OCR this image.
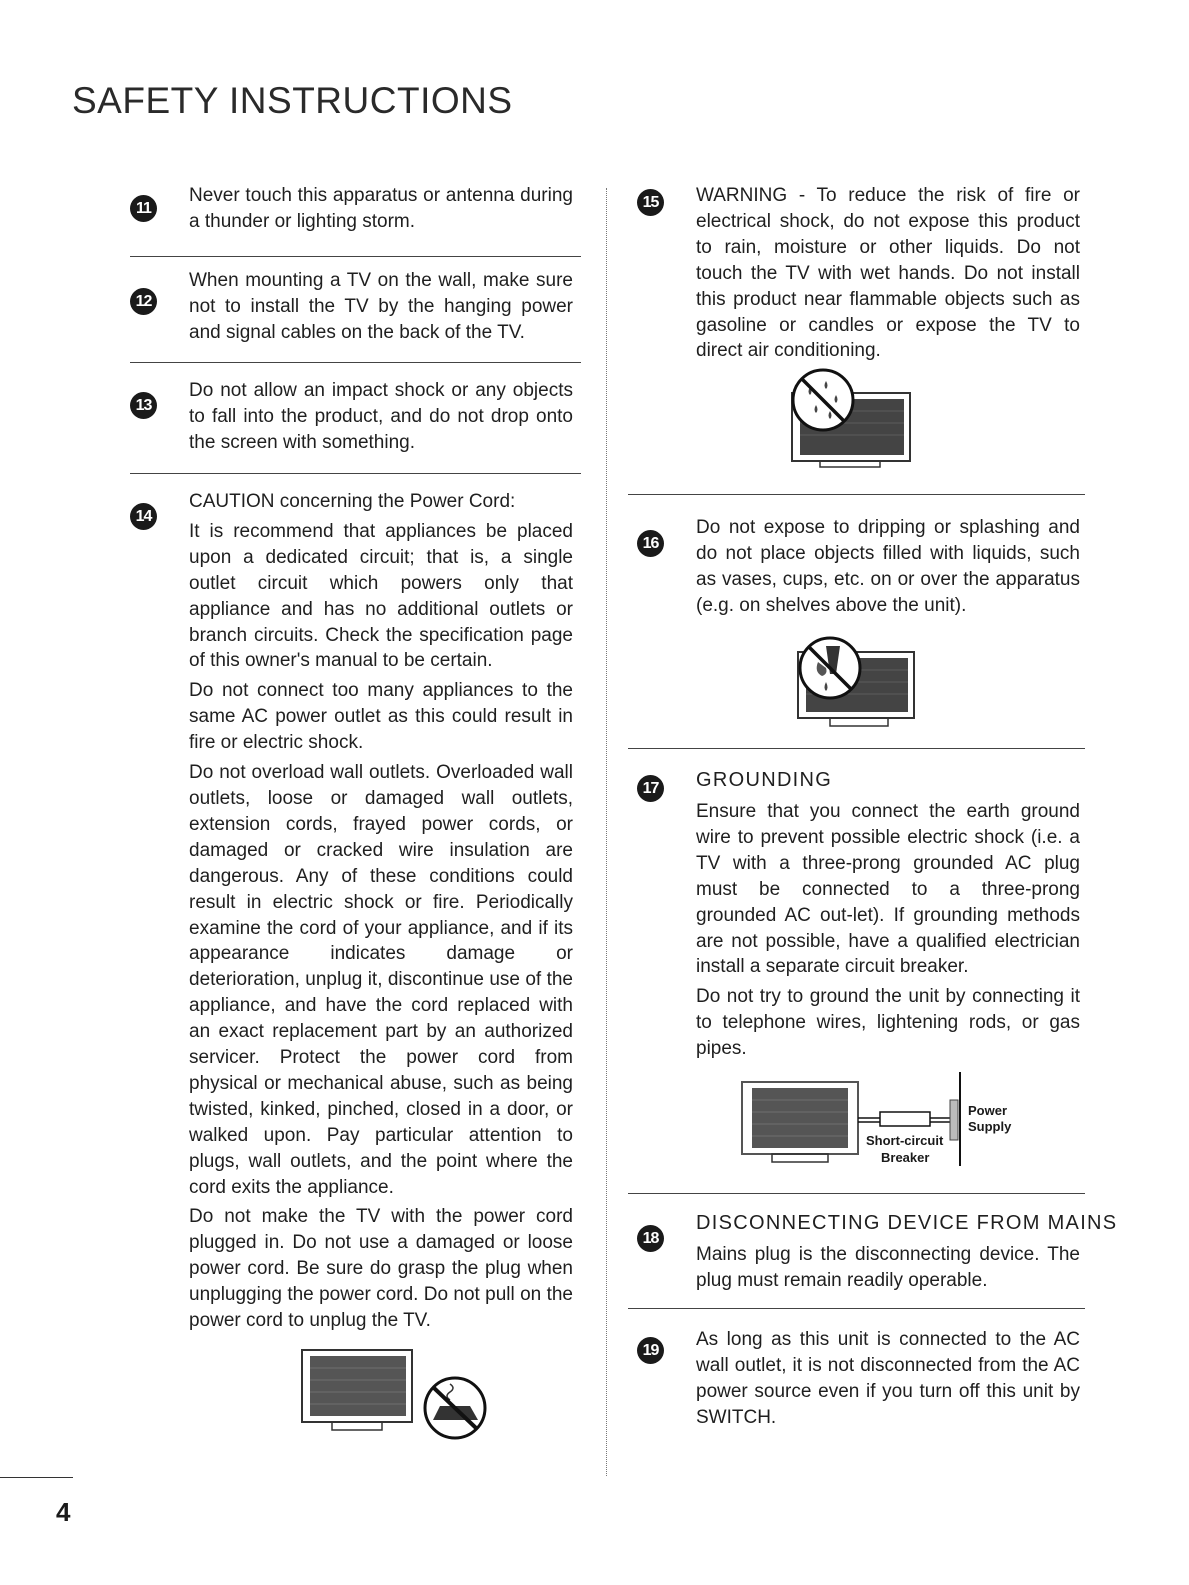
SAFETY INSTRUCTIONS
11

Never touch this apparatus or antenna during a thunder or lighting storm.

12

When mounting a TV on the wall, make sure not to install the TV by the hanging power and signal cables on the back of the TV.

13

Do not allow an impact shock or any objects to fall into the product, and do not drop onto the screen with something.

14

CAUTION concerning the Power Cord:

It is recommend that appliances be placed upon a dedicated circuit; that is, a single outlet circuit which powers only that appliance and has no additional outlets or branch circuits. Check the specification page of this owner's manual to be certain.

Do not connect too many appliances to the same AC power outlet as this could result in fire or electric shock.

Do not overload wall outlets. Overloaded wall outlets, loose or damaged wall outlets, extension cords, frayed power cords, or damaged or cracked wire insulation are dangerous. Any of these conditions could result in electric shock or fire. Periodically examine the cord of your appliance, and if its appearance indicates damage or deterioration, unplug it, discontinue use of the appliance, and have the cord replaced with an exact replacement part by an authorized servicer. Protect the power cord from physical or mechanical abuse, such as being twisted, kinked, pinched, closed in a door, or walked upon. Pay particular attention to plugs, wall outlets, and the point where the cord exits the appliance.

Do not make the TV with the power cord plugged in. Do not use a damaged or loose power cord. Be sure do grasp the plug when unplugging the power cord. Do not pull on the power cord to unplug the TV.

15 WARNING - To reduce the risk of fire or electrical shock, do not expose this product to rain, moisture or other liquids. Do not touch the TV with wet hands. Do not install this product near flammable objects such as gasoline or candles or expose the TV to direct air conditioning.

16

Do not expose to dripping or splashing and do not place objects filled with liquids, such as vases, cups, etc. on or over the apparatus (e.g. on shelves above the unit).

17 GROUNDING

Ensure that you connect the earth ground wire to prevent possible electric shock (i.e. a TV with a three-prong grounded AC plug must be connected to a three-prong grounded AC out-let). If grounding methods are not possible, have a qualified electrician install a separate circuit breaker.

Do not try to ground the unit by connecting it to telephone wires, lightening rods, or gas pipes.

Power
Supply
Short-circuit
Breaker
18
DISCONNECTING DEVICE FROM MAINS

Mains plug is the disconnecting device. The plug must remain readily operable.

19 As long as this unit is connected to the AC wall outlet, it is not disconnected from the AC power source even if you turn off this unit by SWITCH.

4
